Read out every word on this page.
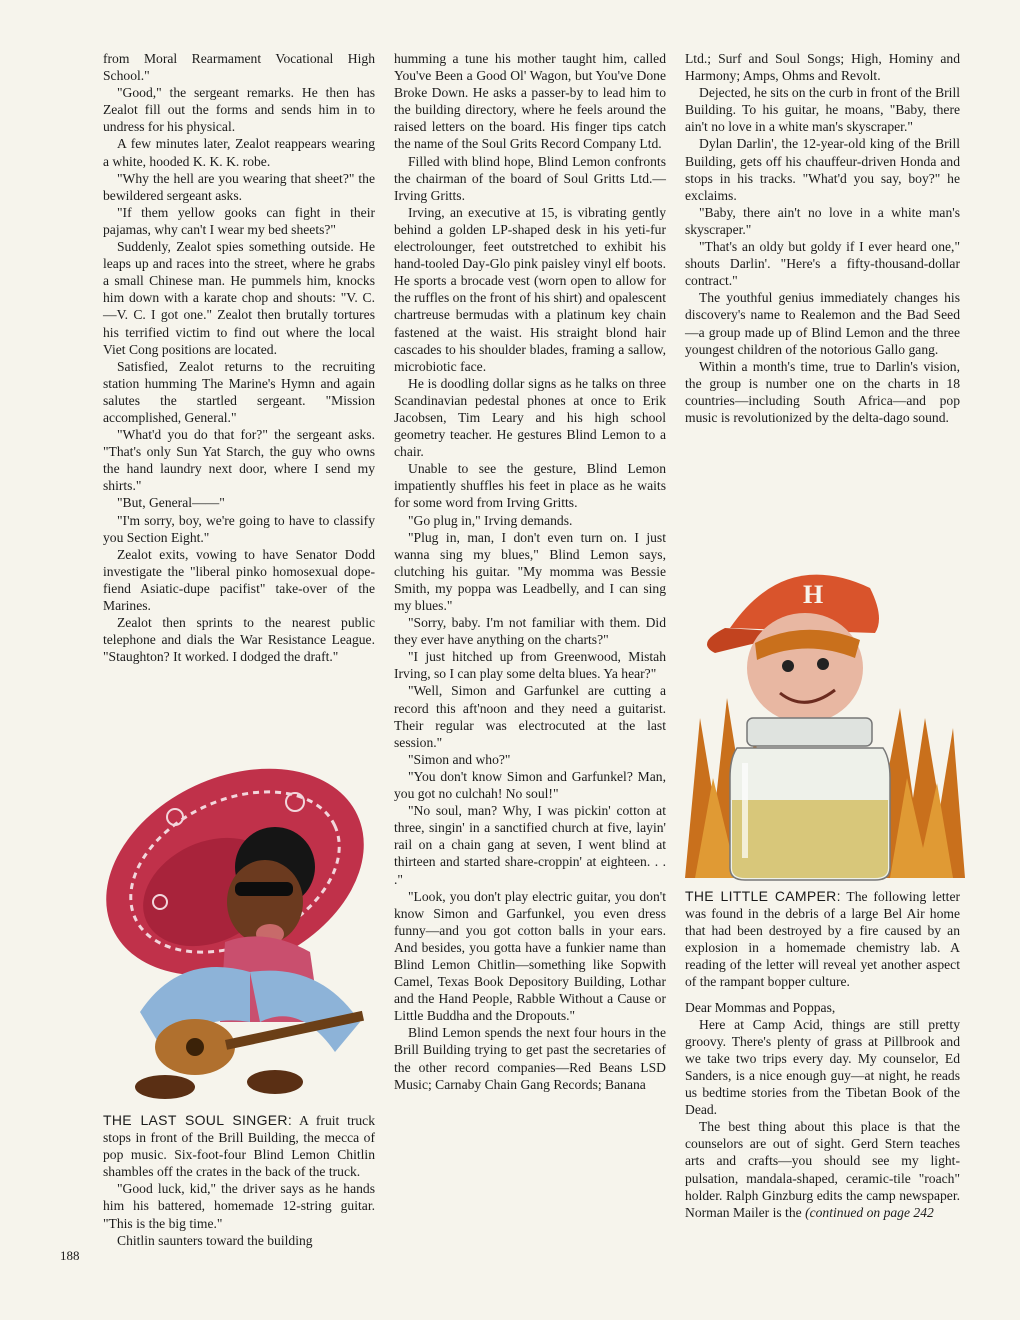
from Moral Rearmament Vocational High School."

"Good," the sergeant remarks. He then has Zealot fill out the forms and sends him in to undress for his physical.

A few minutes later, Zealot reappears wearing a white, hooded K. K. K. robe.

"Why the hell are you wearing that sheet?" the bewildered sergeant asks.

"If them yellow gooks can fight in their pajamas, why can't I wear my bed sheets?"

Suddenly, Zealot spies something outside. He leaps up and races into the street, where he grabs a small Chinese man. He pummels him, knocks him down with a karate chop and shouts: "V. C.—V. C. I got one." Zealot then brutally tortures his terrified victim to find out where the local Viet Cong positions are located.

Satisfied, Zealot returns to the recruiting station humming The Marine's Hymn and again salutes the startled sergeant. "Mission accomplished, General."

"What'd you do that for?" the sergeant asks. "That's only Sun Yat Starch, the guy who owns the hand laundry next door, where I send my shirts."

"But, General——"

"I'm sorry, boy, we're going to have to classify you Section Eight."

Zealot exits, vowing to have Senator Dodd investigate the "liberal pinko homosexual dope-fiend Asiatic-dupe pacifist" take-over of the Marines.

Zealot then sprints to the nearest public telephone and dials the War Resistance League. "Staughton? It worked. I dodged the draft."

THE LAST SOUL SINGER: A fruit truck stops in front of the Brill Building, the mecca of pop music. Six-foot-four Blind Lemon Chitlin shambles off the crates in the back of the truck.

"Good luck, kid," the driver says as he hands him his battered, homemade 12-string guitar. "This is the big time."

Chitlin saunters toward the building

188

humming a tune his mother taught him, called You've Been a Good Ol' Wagon, but You've Done Broke Down. He asks a passer-by to lead him to the building directory, where he feels around the raised letters on the board. His finger tips catch the name of the Soul Grits Record Company Ltd.

Filled with blind hope, Blind Lemon confronts the chairman of the board of Soul Gritts Ltd.—Irving Gritts.

Irving, an executive at 15, is vibrating gently behind a golden LP-shaped desk in his yeti-fur electrolounger, feet outstretched to exhibit his hand-tooled Day-Glo pink paisley vinyl elf boots. He sports a brocade vest (worn open to allow for the ruffles on the front of his shirt) and opalescent chartreuse bermudas with a platinum key chain fastened at the waist. His straight blond hair cascades to his shoulder blades, framing a sallow, microbiotic face.

He is doodling dollar signs as he talks on three Scandinavian pedestal phones at once to Erik Jacobsen, Tim Leary and his high school geometry teacher. He gestures Blind Lemon to a chair.

Unable to see the gesture, Blind Lemon impatiently shuffles his feet in place as he waits for some word from Irving Gritts.

"Go plug in," Irving demands.

"Plug in, man, I don't even turn on. I just wanna sing my blues," Blind Lemon says, clutching his guitar. "My momma was Bessie Smith, my poppa was Leadbelly, and I can sing my blues."

"Sorry, baby. I'm not familiar with them. Did they ever have anything on the charts?"

"I just hitched up from Greenwood, Mistah Irving, so I can play some delta blues. Ya hear?"

"Well, Simon and Garfunkel are cutting a record this aft'noon and they need a guitarist. Their regular was electrocuted at the last session."

"Simon and who?"

"You don't know Simon and Garfunkel? Man, you got no culchah! No soul!"

"No soul, man? Why, I was pickin' cotton at three, singin' in a sanctified church at five, layin' rail on a chain gang at seven, I went blind at thirteen and started share-croppin' at eighteen. . . ."

"Look, you don't play electric guitar, you don't know Simon and Garfunkel, you even dress funny—and you got cotton balls in your ears. And besides, you gotta have a funkier name than Blind Lemon Chitlin—something like Sopwith Camel, Texas Book Depository Building, Lothar and the Hand People, Rabble Without a Cause or Little Buddha and the Dropouts."

Blind Lemon spends the next four hours in the Brill Building trying to get past the secretaries of the other record companies—Red Beans LSD Music; Carnaby Chain Gang Records; Banana

Ltd.; Surf and Soul Songs; High, Hominy and Harmony; Amps, Ohms and Revolt.

Dejected, he sits on the curb in front of the Brill Building. To his guitar, he moans, "Baby, there ain't no love in a white man's skyscraper."

Dylan Darlin', the 12-year-old king of the Brill Building, gets off his chauffeur-driven Honda and stops in his tracks. "What'd you say, boy?" he exclaims.

"Baby, there ain't no love in a white man's skyscraper."

"That's an oldy but goldy if I ever heard one," shouts Darlin'. "Here's a fifty-thousand-dollar contract."

The youthful genius immediately changes his discovery's name to Realemon and the Bad Seed—a group made up of Blind Lemon and the three youngest children of the notorious Gallo gang.

Within a month's time, true to Darlin's vision, the group is number one on the charts in 18 countries—including South Africa—and pop music is revolutionized by the delta-dago sound.

H

THE LITTLE CAMPER: The following letter was found in the debris of a large Bel Air home that had been destroyed by a fire caused by an explosion in a homemade chemistry lab. A reading of the letter will reveal yet another aspect of the rampant bopper culture.

Dear Mommas and Poppas,

Here at Camp Acid, things are still pretty groovy. There's plenty of grass at Pillbrook and we take two trips every day. My counselor, Ed Sanders, is a nice enough guy—at night, he reads us bedtime stories from the Tibetan Book of the Dead.

The best thing about this place is that the counselors are out of sight. Gerd Stern teaches arts and crafts—you should see my light-pulsation, mandala-shaped, ceramic-tile "roach" holder. Ralph Ginzburg edits the camp newspaper. Norman Mailer is the (continued on page 242
